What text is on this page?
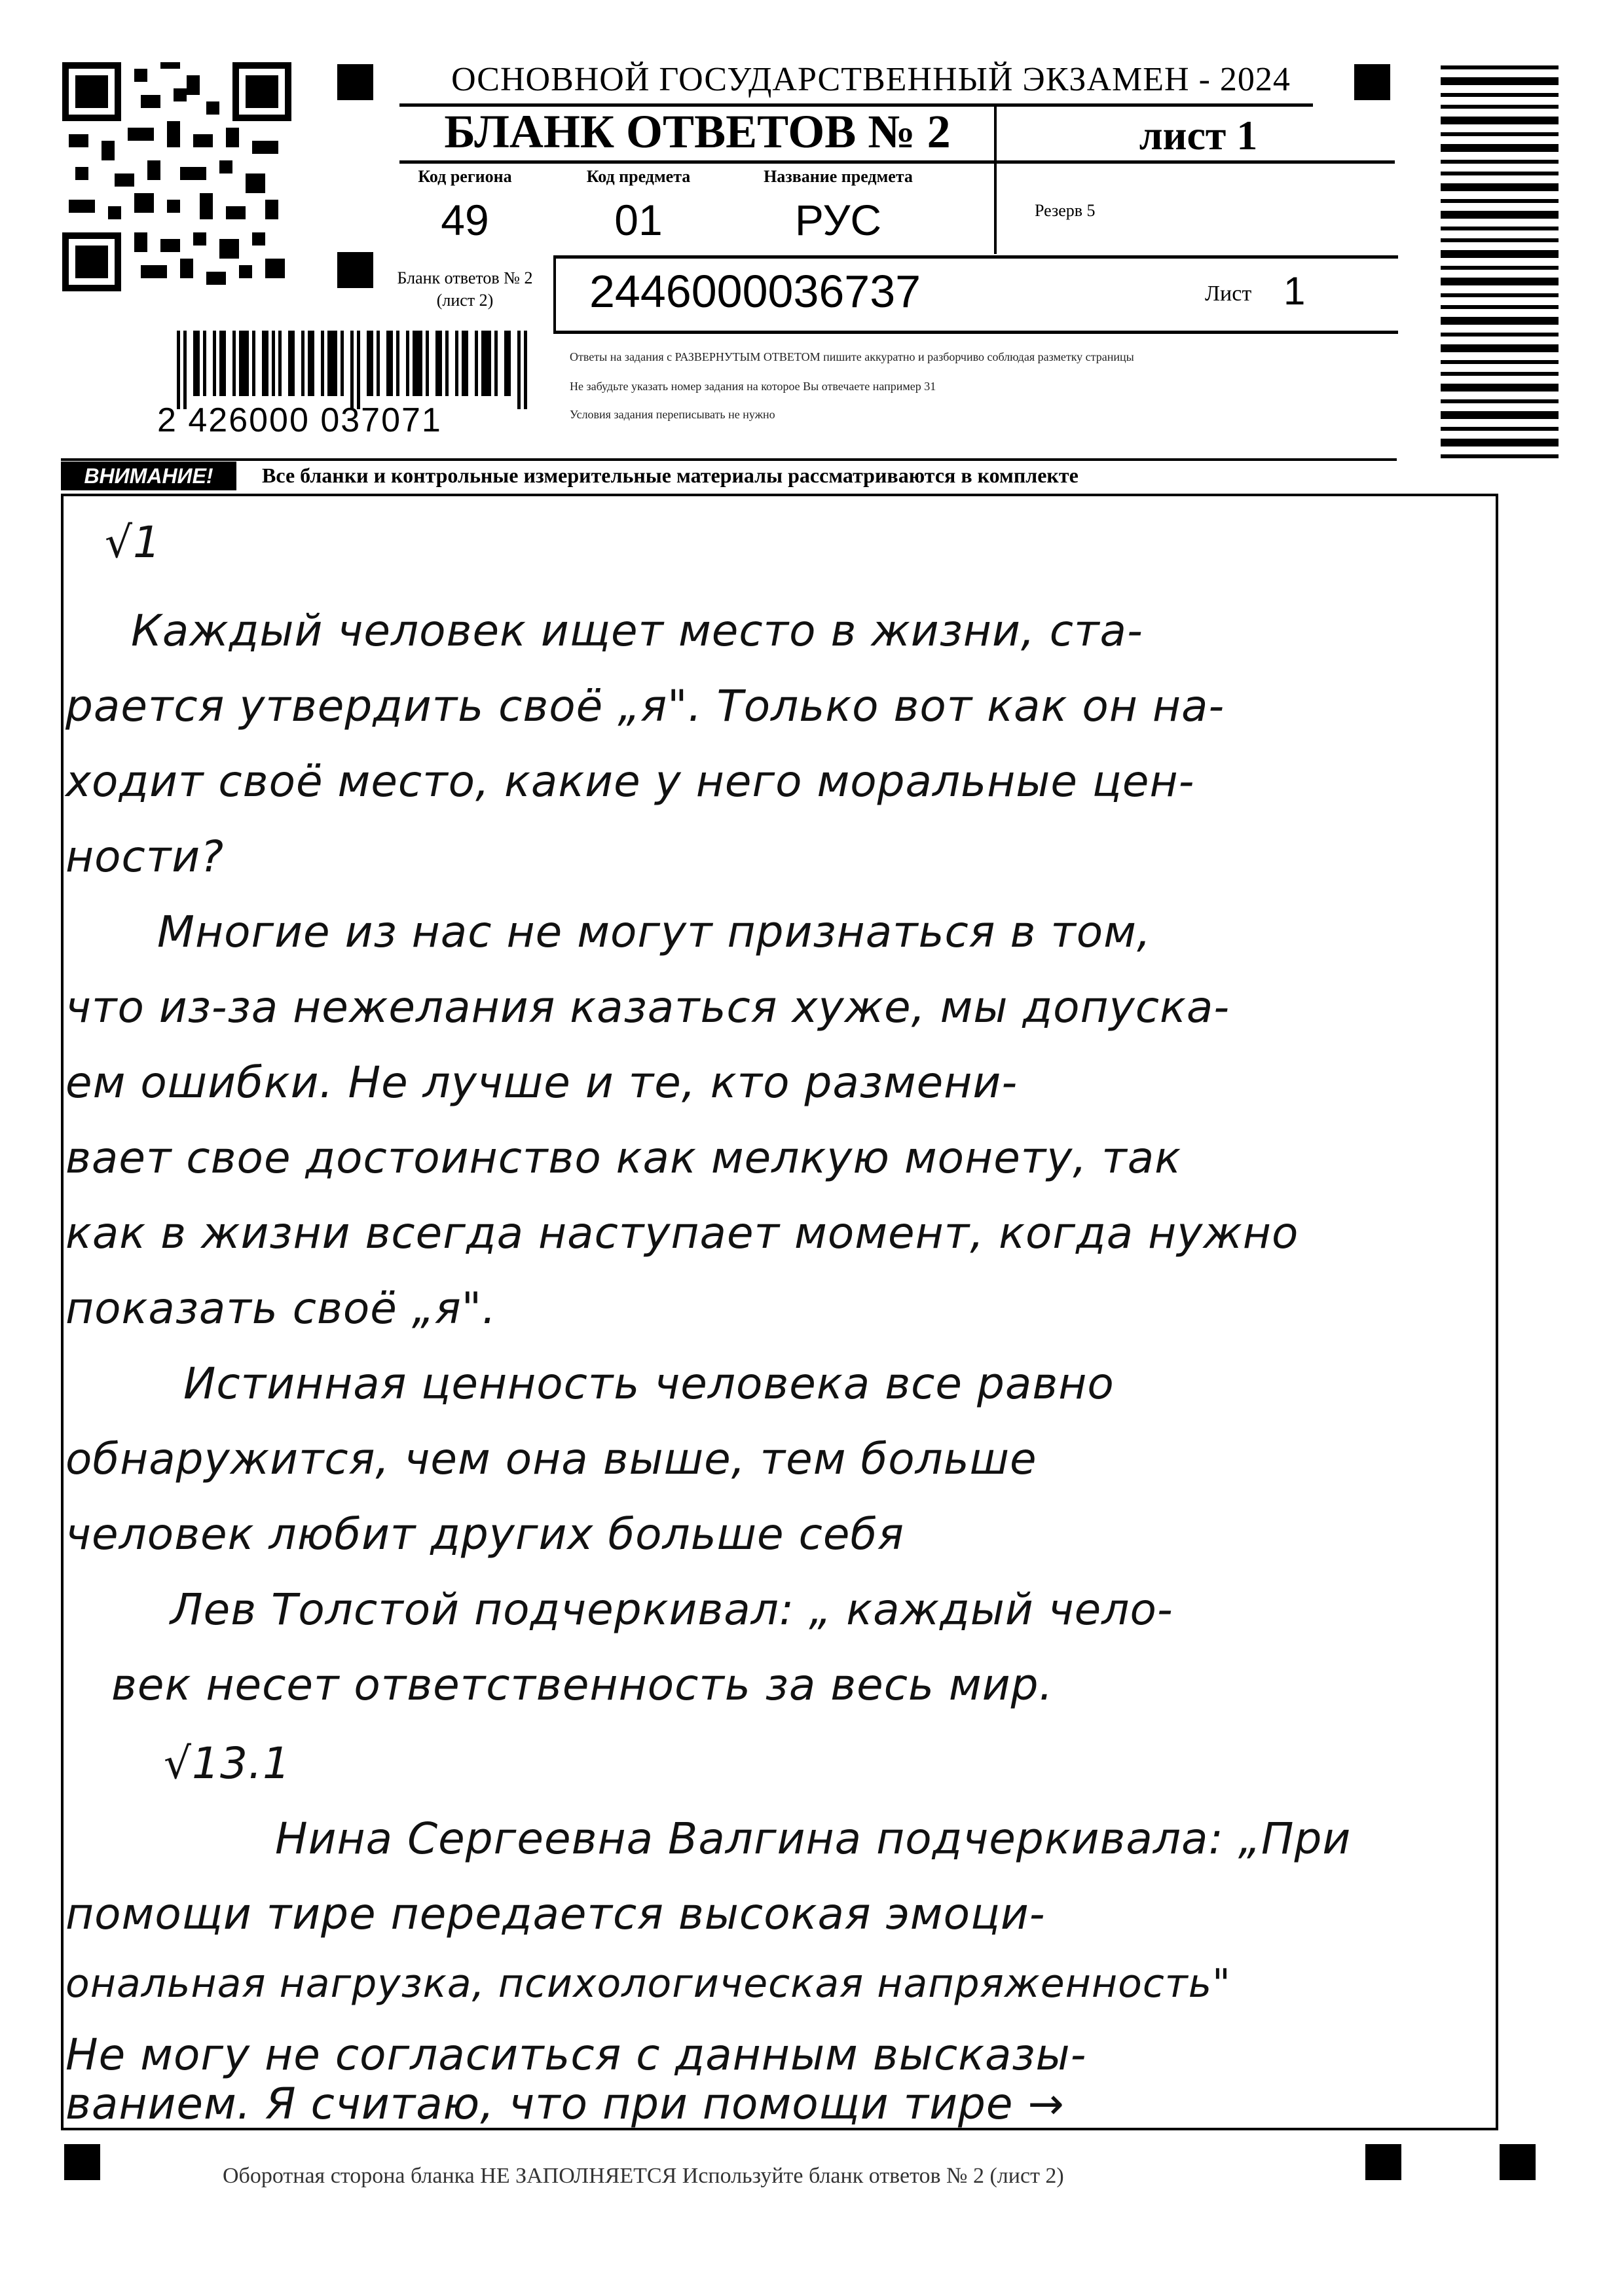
ОСНОВНОЙ ГОСУДАРСТВЕННЫЙ ЭКЗАМЕН - 2024
БЛАНК ОТВЕТОВ № 2	лист 1
Код региона
49
Код предмета
01
Название предмета
РУС	Резерв 5
Бланк ответов № 2
(лист 2)	2446000036737	Лист 1
Ответы на задания с РАЗВЕРНУТЫМ ОТВЕТОМ пишите аккуратно и разборчиво соблюдая разметку страницы
Не забудьте указать номер задания на которое Вы отвечаете например 31
Условия задания переписывать не нужно
2 426000 037071
ВНИМАНИЕ!	Все бланки и контрольные измерительные материалы рассматриваются в комплекте
√1
Каждый человек ищет место в жизни, ста-
рается утвердить своё „я". Только вот как он на-
ходит своё место, какие у него моральные цен-
ности?
Многие из нас не могут признаться в том,
что из-за нежелания казаться хуже, мы допуска-
ем ошибки. Не лучше и те, кто размени-
вает свое достоинство как мелкую монету, так
как в жизни всегда наступает момент, когда нужно
показать своё „я".
Истинная ценность человека все равно
обнаружится, чем она выше, тем больше
человек любит других больше себя
Лев Толстой подчеркивал: „ каждый чело-
век несет ответственность за весь мир.
√13.1
Нина Сергеевна Валгина подчеркивала: „При
помощи тире передается высокая эмоци-
ональная нагрузка, психологическая напряженность"
Не могу не согласиться с данным высказы-
ванием. Я считаю, что при помощи тире →
Оборотная сторона бланка НЕ ЗАПОЛНЯЕТСЯ Используйте бланк ответов № 2 (лист 2)
